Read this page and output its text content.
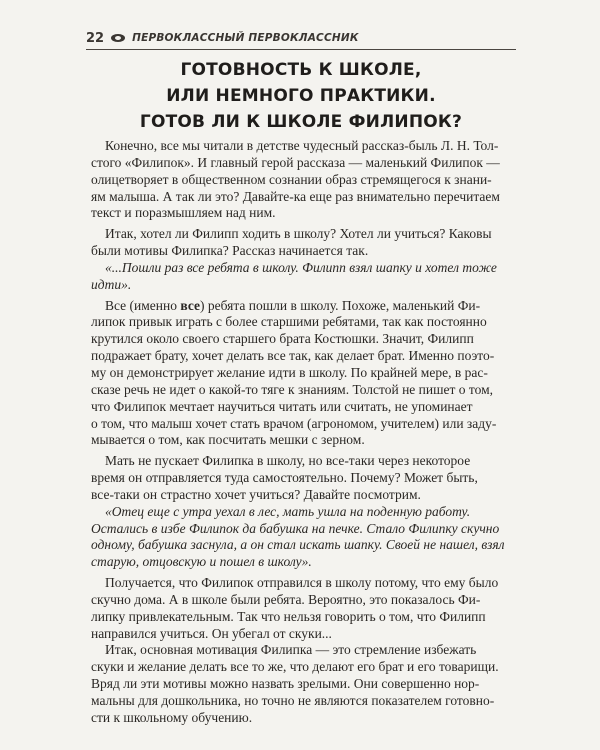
22	ПЕРВОКЛАССНЫЙ ПЕРВОКЛАССНИК
ГОТОВНОСТЬ К ШКОЛЕ,
ИЛИ НЕМНОГО ПРАКТИКИ.
ГОТОВ ЛИ К ШКОЛЕ ФИЛИПОК?

Конечно, все мы читали в детстве чудесный рассказ-быль Л. Н. Тол-
стого «Филипок». И главный герой рассказа — маленький Филипок —
олицетворяет в общественном сознании образ стремящегося к знани-
ям малыша. А так ли это? Давайте-ка еще раз внимательно перечитаем
текст и поразмышляем над ним.

Итак, хотел ли Филипп ходить в школу? Хотел ли учиться? Каковы
были мотивы Филипка? Рассказ начинается так.

«...Пошли раз все ребята в школу. Филипп взял шапку и хотел тоже
идти».

Все (именно все) ребята пошли в школу. Похоже, маленький Фи-
липок привык играть с более старшими ребятами, так как постоянно
крутился около своего старшего брата Костюшки. Значит, Филипп
подражает брату, хочет делать все так, как делает брат. Именно поэто-
му он демонстрирует желание идти в школу. По крайней мере, в рас-
сказе речь не идет о какой-то тяге к знаниям. Толстой не пишет о том,
что Филипок мечтает научиться читать или считать, не упоминает
о том, что малыш хочет стать врачом (агрономом, учителем) или заду-
мывается о том, как посчитать мешки с зерном.

Мать не пускает Филипка в школу, но все-таки через некоторое
время он отправляется туда самостоятельно. Почему? Может быть,
все-таки он страстно хочет учиться? Давайте посмотрим.

«Отец еще с утра уехал в лес, мать ушла на поденную работу.
Остались в избе Филипок да бабушка на печке. Стало Филипку скучно
одному, бабушка заснула, а он стал искать шапку. Своей не нашел, взял
старую, отцовскую и пошел в школу».

Получается, что Филипок отправился в школу потому, что ему было
скучно дома. А в школе были ребята. Вероятно, это показалось Фи-
липку привлекательным. Так что нельзя говорить о том, что Филипп
направился учиться. Он убегал от скуки...

Итак, основная мотивация Филипка — это стремление избежать
скуки и желание делать все то же, что делают его брат и его товарищи.
Вряд ли эти мотивы можно назвать зрелыми. Они совершенно нор-
мальны для дошкольника, но точно не являются показателем готовно-
сти к школьному обучению.
